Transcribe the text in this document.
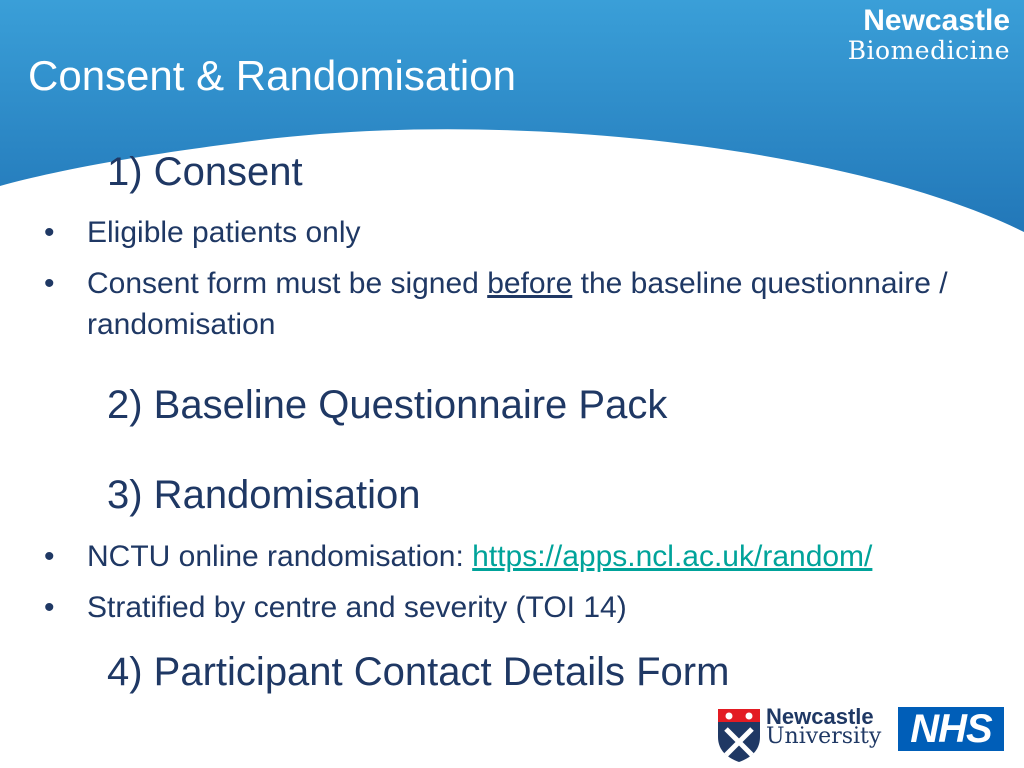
Consent & Randomisation
Newcastle
Biomedicine
1) Consent
• Eligible patients only
• Consent form must be signed before the baseline questionnaire / randomisation
2) Baseline Questionnaire Pack
3) Randomisation
• NCTU online randomisation: https://apps.ncl.ac.uk/random/
• Stratified by centre and severity (TOI 14)
4) Participant Contact Details Form
Newcastle
University NHS
